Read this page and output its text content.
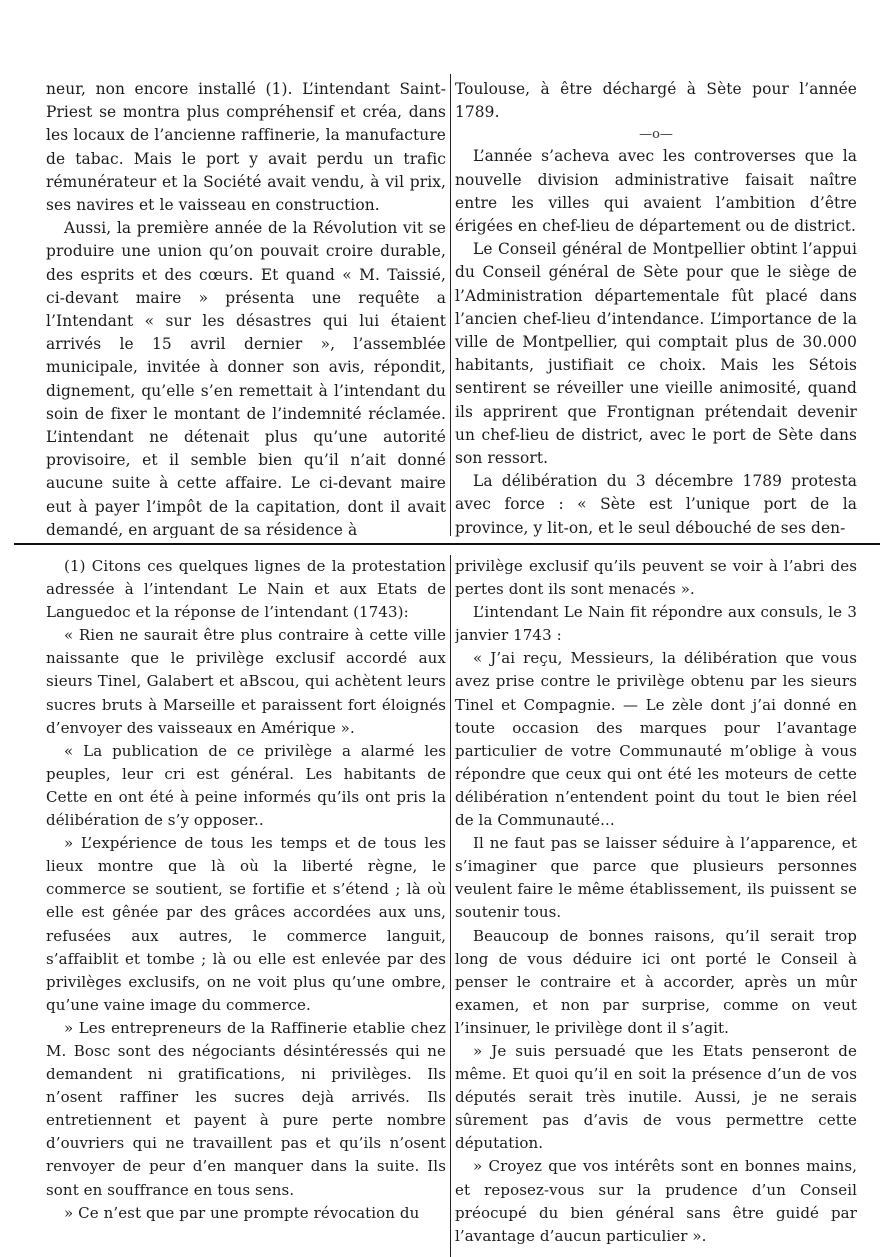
neur, non encore installé (1). L’intendant Saint-Priest se montra plus compréhensif et créa, dans les locaux de l’ancienne raffinerie, la manufacture de tabac. Mais le port y avait perdu un trafic rémunérateur et la Société avait vendu, à vil prix, ses navires et le vaisseau en construction.

Aussi, la première année de la Révolution vit se produire une union qu’on pouvait croire durable, des esprits et des cœurs. Et quand « M. Taissié, ci-devant maire » présenta une requête a l’Intendant « sur les désastres qui lui étaient arrivés le 15 avril dernier », l’assemblée municipale, invitée à donner son avis, répondit, dignement, qu’elle s’en remettait à l’intendant du soin de fixer le montant de l’indemnité réclamée. L’intendant ne détenait plus qu’une autorité provisoire, et il semble bien qu’il n’ait donné aucune suite à cette affaire. Le ci-devant maire eut à payer l’impôt de la capitation, dont il avait demandé, en arguant de sa résidence à

Toulouse, à être déchargé à Sète pour l’année 1789.

—o—

L’année s’acheva avec les controverses que la nouvelle division administrative faisait naître entre les villes qui avaient l’ambition d’être érigées en chef-lieu de département ou de district.

Le Conseil général de Montpellier obtint l’appui du Conseil général de Sète pour que le siège de l’Administration départementale fût placé dans l’ancien chef-lieu d’intendance. L’importance de la ville de Montpellier, qui comptait plus de 30.000 habitants, justifiait ce choix. Mais les Sétois sentirent se réveiller une vieille animosité, quand ils apprirent que Frontignan prétendait devenir un chef-lieu de district, avec le port de Sète dans son ressort.

La délibération du 3 décembre 1789 protesta avec force : « Sète est l’unique port de la province, y lit-on, et le seul débouché de ses den-

(1) Citons ces quelques lignes de la protestation adressée à l’intendant Le Nain et aux Etats de Languedoc et la réponse de l’intendant (1743):

« Rien ne saurait être plus contraire à cette ville naissante que le privilège exclusif accordé aux sieurs Tinel, Galabert et aBscou, qui achètent leurs sucres bruts à Marseille et paraissent fort éloignés d’envoyer des vaisseaux en Amérique ».

« La publication de ce privilège a alarmé les peuples, leur cri est général. Les habitants de Cette en ont été à peine informés qu’ils ont pris la délibération de s’y opposer..

» L’expérience de tous les temps et de tous les lieux montre que là où la liberté règne, le commerce se soutient, se fortifie et s’étend ; là où elle est gênée par des grâces accordées aux uns, refusées aux autres, le commerce languit, s’affaiblit et tombe ; là ou elle est enlevée par des privilèges exclusifs, on ne voit plus qu’une ombre, qu’une vaine image du commerce.

» Les entrepreneurs de la Raffinerie etablie chez M. Bosc sont des négociants désintéressés qui ne demandent ni gratifications, ni privilèges. Ils n’osent raffiner les sucres dejà arrivés. Ils entretiennent et payent à pure perte nombre d’ouvriers qui ne travaillent pas et qu’ils n’osent renvoyer de peur d’en manquer dans la suite. Ils sont en souffrance en tous sens.

» Ce n’est que par une prompte révocation du

privilège exclusif qu’ils peuvent se voir à l’abri des pertes dont ils sont menacés ».

L’intendant Le Nain fit répondre aux consuls, le 3 janvier 1743 :

« J’ai reçu, Messieurs, la délibération que vous avez prise contre le privilège obtenu par les sieurs Tinel et Compagnie. — Le zèle dont j’ai donné en toute occasion des marques pour l’avantage particulier de votre Communauté m’oblige à vous répondre que ceux qui ont été les moteurs de cette délibération n’entendent point du tout le bien réel de la Communauté...

Il ne faut pas se laisser séduire à l’apparence, et s’imaginer que parce que plusieurs personnes veulent faire le même établissement, ils puissent se soutenir tous.

Beaucoup de bonnes raisons, qu’il serait trop long de vous déduire ici ont porté le Conseil à penser le contraire et à accorder, après un mûr examen, et non par surprise, comme on veut l’insinuer, le privilège dont il s’agit.

» Je suis persuadé que les Etats penseront de même. Et quoi qu’il en soit la présence d’un de vos députés serait très inutile. Aussi, je ne serais sûrement pas d’avis de vous permettre cette députation.

» Croyez que vos intérêts sont en bonnes mains, et reposez-vous sur la prudence d’un Conseil préocupé du bien général sans être guidé par l’avantage d’aucun particulier ».
